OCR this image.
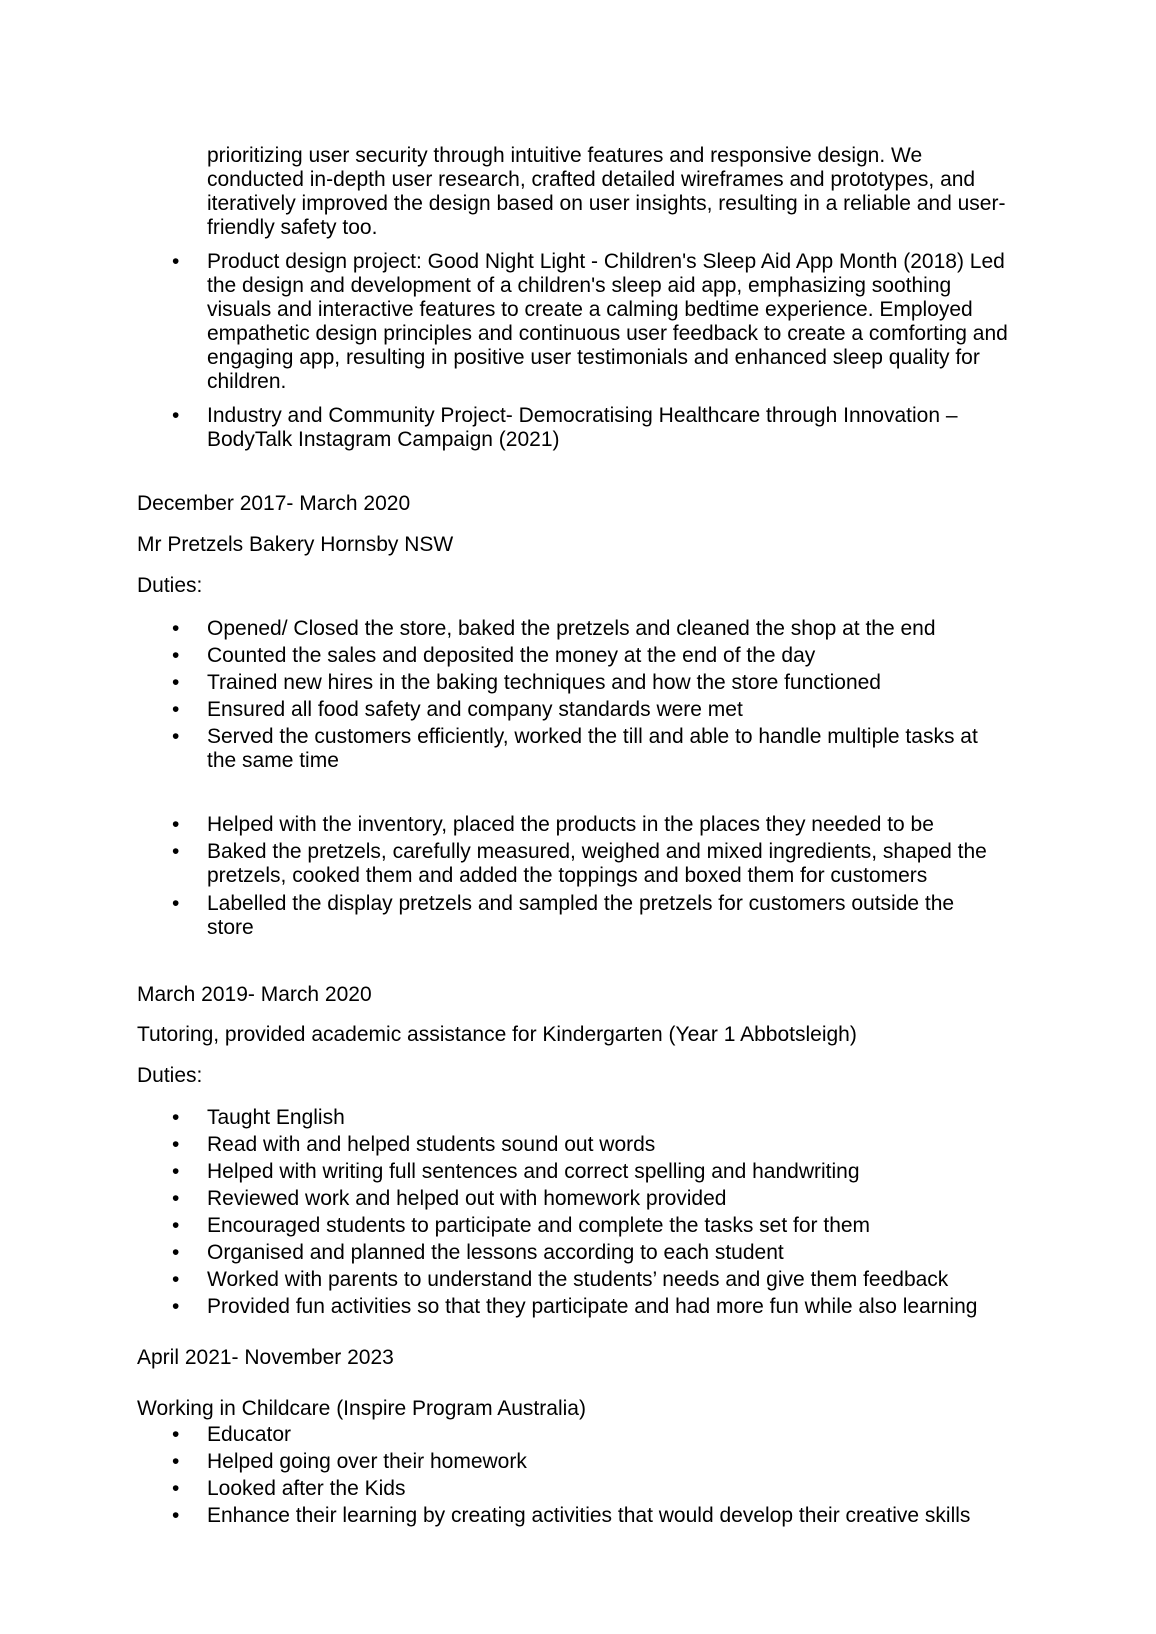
prioritizing user security through intuitive features and responsive design. We
conducted in-depth user research, crafted detailed wireframes and prototypes, and
iteratively improved the design based on user insights, resulting in a reliable and user-
friendly safety too.
• Product design project: Good Night Light - Children's Sleep Aid App Month (2018) Led
the design and development of a children's sleep aid app, emphasizing soothing
visuals and interactive features to create a calming bedtime experience. Employed
empathetic design principles and continuous user feedback to create a comforting and
engaging app, resulting in positive user testimonials and enhanced sleep quality for
children.
• Industry and Community Project- Democratising Healthcare through Innovation –
BodyTalk Instagram Campaign (2021)
December 2017- March 2020
Mr Pretzels Bakery Hornsby NSW
Duties:
• Opened/ Closed the store, baked the pretzels and cleaned the shop at the end
• Counted the sales and deposited the money at the end of the day
• Trained new hires in the baking techniques and how the store functioned
• Ensured all food safety and company standards were met
• Served the customers efficiently, worked the till and able to handle multiple tasks at
the same time
• Helped with the inventory, placed the products in the places they needed to be
• Baked the pretzels, carefully measured, weighed and mixed ingredients, shaped the
pretzels, cooked them and added the toppings and boxed them for customers
• Labelled the display pretzels and sampled the pretzels for customers outside the
store
March 2019- March 2020
Tutoring, provided academic assistance for Kindergarten (Year 1 Abbotsleigh)
Duties:
• Taught English
• Read with and helped students sound out words
• Helped with writing full sentences and correct spelling and handwriting
• Reviewed work and helped out with homework provided
• Encouraged students to participate and complete the tasks set for them
• Organised and planned the lessons according to each student
• Worked with parents to understand the students’ needs and give them feedback
• Provided fun activities so that they participate and had more fun while also learning
April 2021- November 2023
Working in Childcare (Inspire Program Australia)
• Educator
• Helped going over their homework
• Looked after the Kids
• Enhance their learning by creating activities that would develop their creative skills
